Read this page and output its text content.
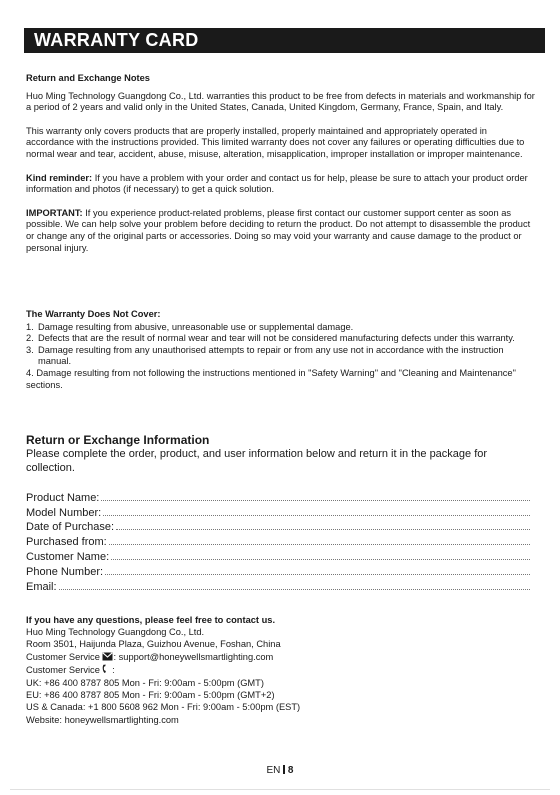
WARRANTY CARD

Return and Exchange Notes

Huo Ming Technology Guangdong Co., Ltd. warranties this product to be free from defects in materials and workmanship for a period of 2 years and valid only in the United States, Canada, United Kingdom, Germany, France, Spain, and Italy.

This warranty only covers products that are properly installed, properly maintained and appropriately operated in accordance with the instructions provided. This limited warranty does not cover any failures or operating difficulties due to normal wear and tear, accident, abuse, misuse, alteration, misapplication, improper installation or improper maintenance.

Kind reminder: If you have a problem with your order and contact us for help, please be sure to attach your product order information and photos (if necessary) to get a quick solution.

IMPORTANT: If you experience product-related problems, please first contact our customer support center as soon as possible. We can help solve your problem before deciding to return the product. Do not attempt to disassemble the product or change any of the original parts or accessories. Doing so may void your warranty and cause damage to the product or personal injury.

The Warranty Does Not Cover:

1. Damage resulting from abusive, unreasonable use or supplemental damage.
2. Defects that are the result of normal wear and tear will not be considered manufacturing defects under this warranty.
3. Damage resulting from any unauthorised attempts to repair or from any use not in accordance with the instruction manual.
4. Damage resulting from not following the instructions mentioned in "Safety Warning" and "Cleaning and Maintenance" sections.
Return or Exchange Information
Please complete the order, product, and user information below and return it in the package for collection.
Product Name:
Model Number:
Date of Purchase:
Purchased from:
Customer Name:
Phone Number:
Email:
If you have any questions, please feel free to contact us.
Huo Ming Technology Guangdong Co., Ltd.
Room 3501, Haijunda Plaza, Guizhou Avenue, Foshan, China
Customer Service : support@honeywellsmartlighting.com
Customer Service  :
UK: +86 400 8787 805 Mon - Fri: 9:00am - 5:00pm (GMT)
EU: +86 400 8787 805 Mon - Fri: 9:00am - 5:00pm (GMT+2)
US & Canada: +1 800 5608 962 Mon - Fri: 9:00am - 5:00pm (EST)
Website: honeywellsmartlighting.com
EN 8
